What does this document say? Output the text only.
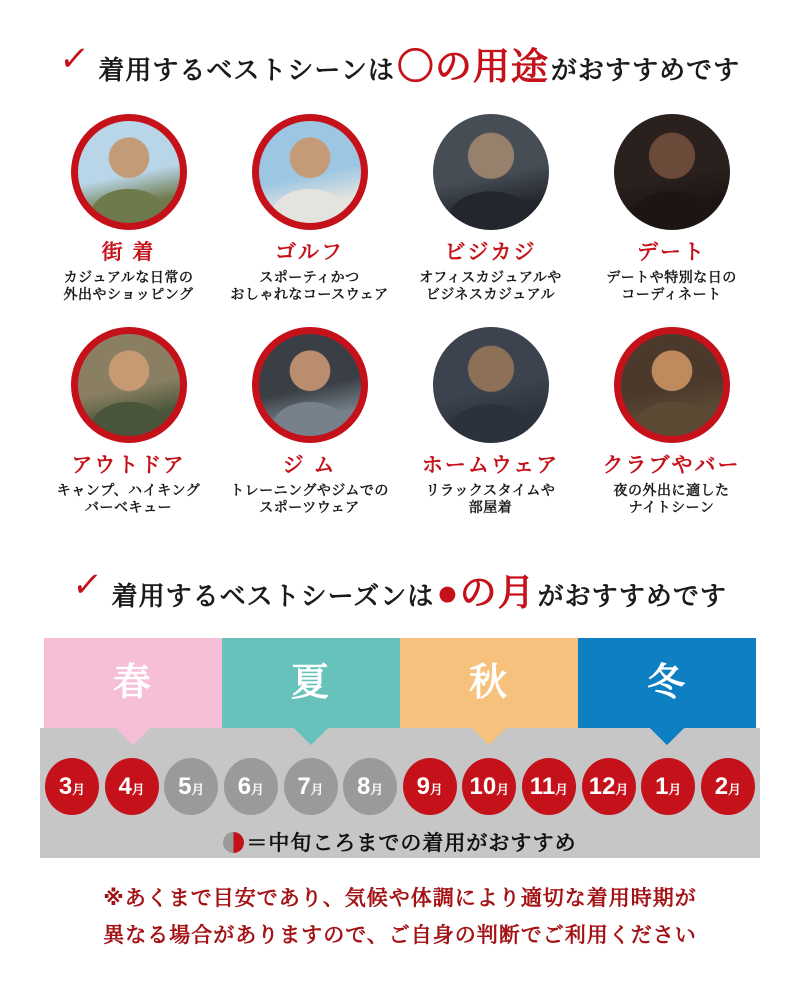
✓ 着用するベストシーンは 〇の用途 がおすすめです
街 着
カジュアルな日常の
外出やショッピング
ゴルフ
スポーティかつ
おしゃれなコースウェア
ビジカジ
オフィスカジュアルや
ビジネスカジュアル
デート
デートや特別な日の
コーディネート
アウトドア
キャンプ、ハイキング
バーベキュー
ジ ム
トレーニングやジムでの
スポーツウェア
ホームウェア
リラックスタイムや
部屋着
クラブやバー
夜の外出に適した
ナイトシーン
✓ 着用するベストシーズンは ●の月 がおすすめです
春	夏	秋	冬
3 月 4 月 5 月 6 月 7 月 8 月 9 月 10 月 11 月 12 月 1 月 2 月
＝中旬ころまでの着用がおすすめ
※あくまで目安であり、気候や体調により適切な着用時期が
異なる場合がありますので、ご自身の判断でご利用ください
